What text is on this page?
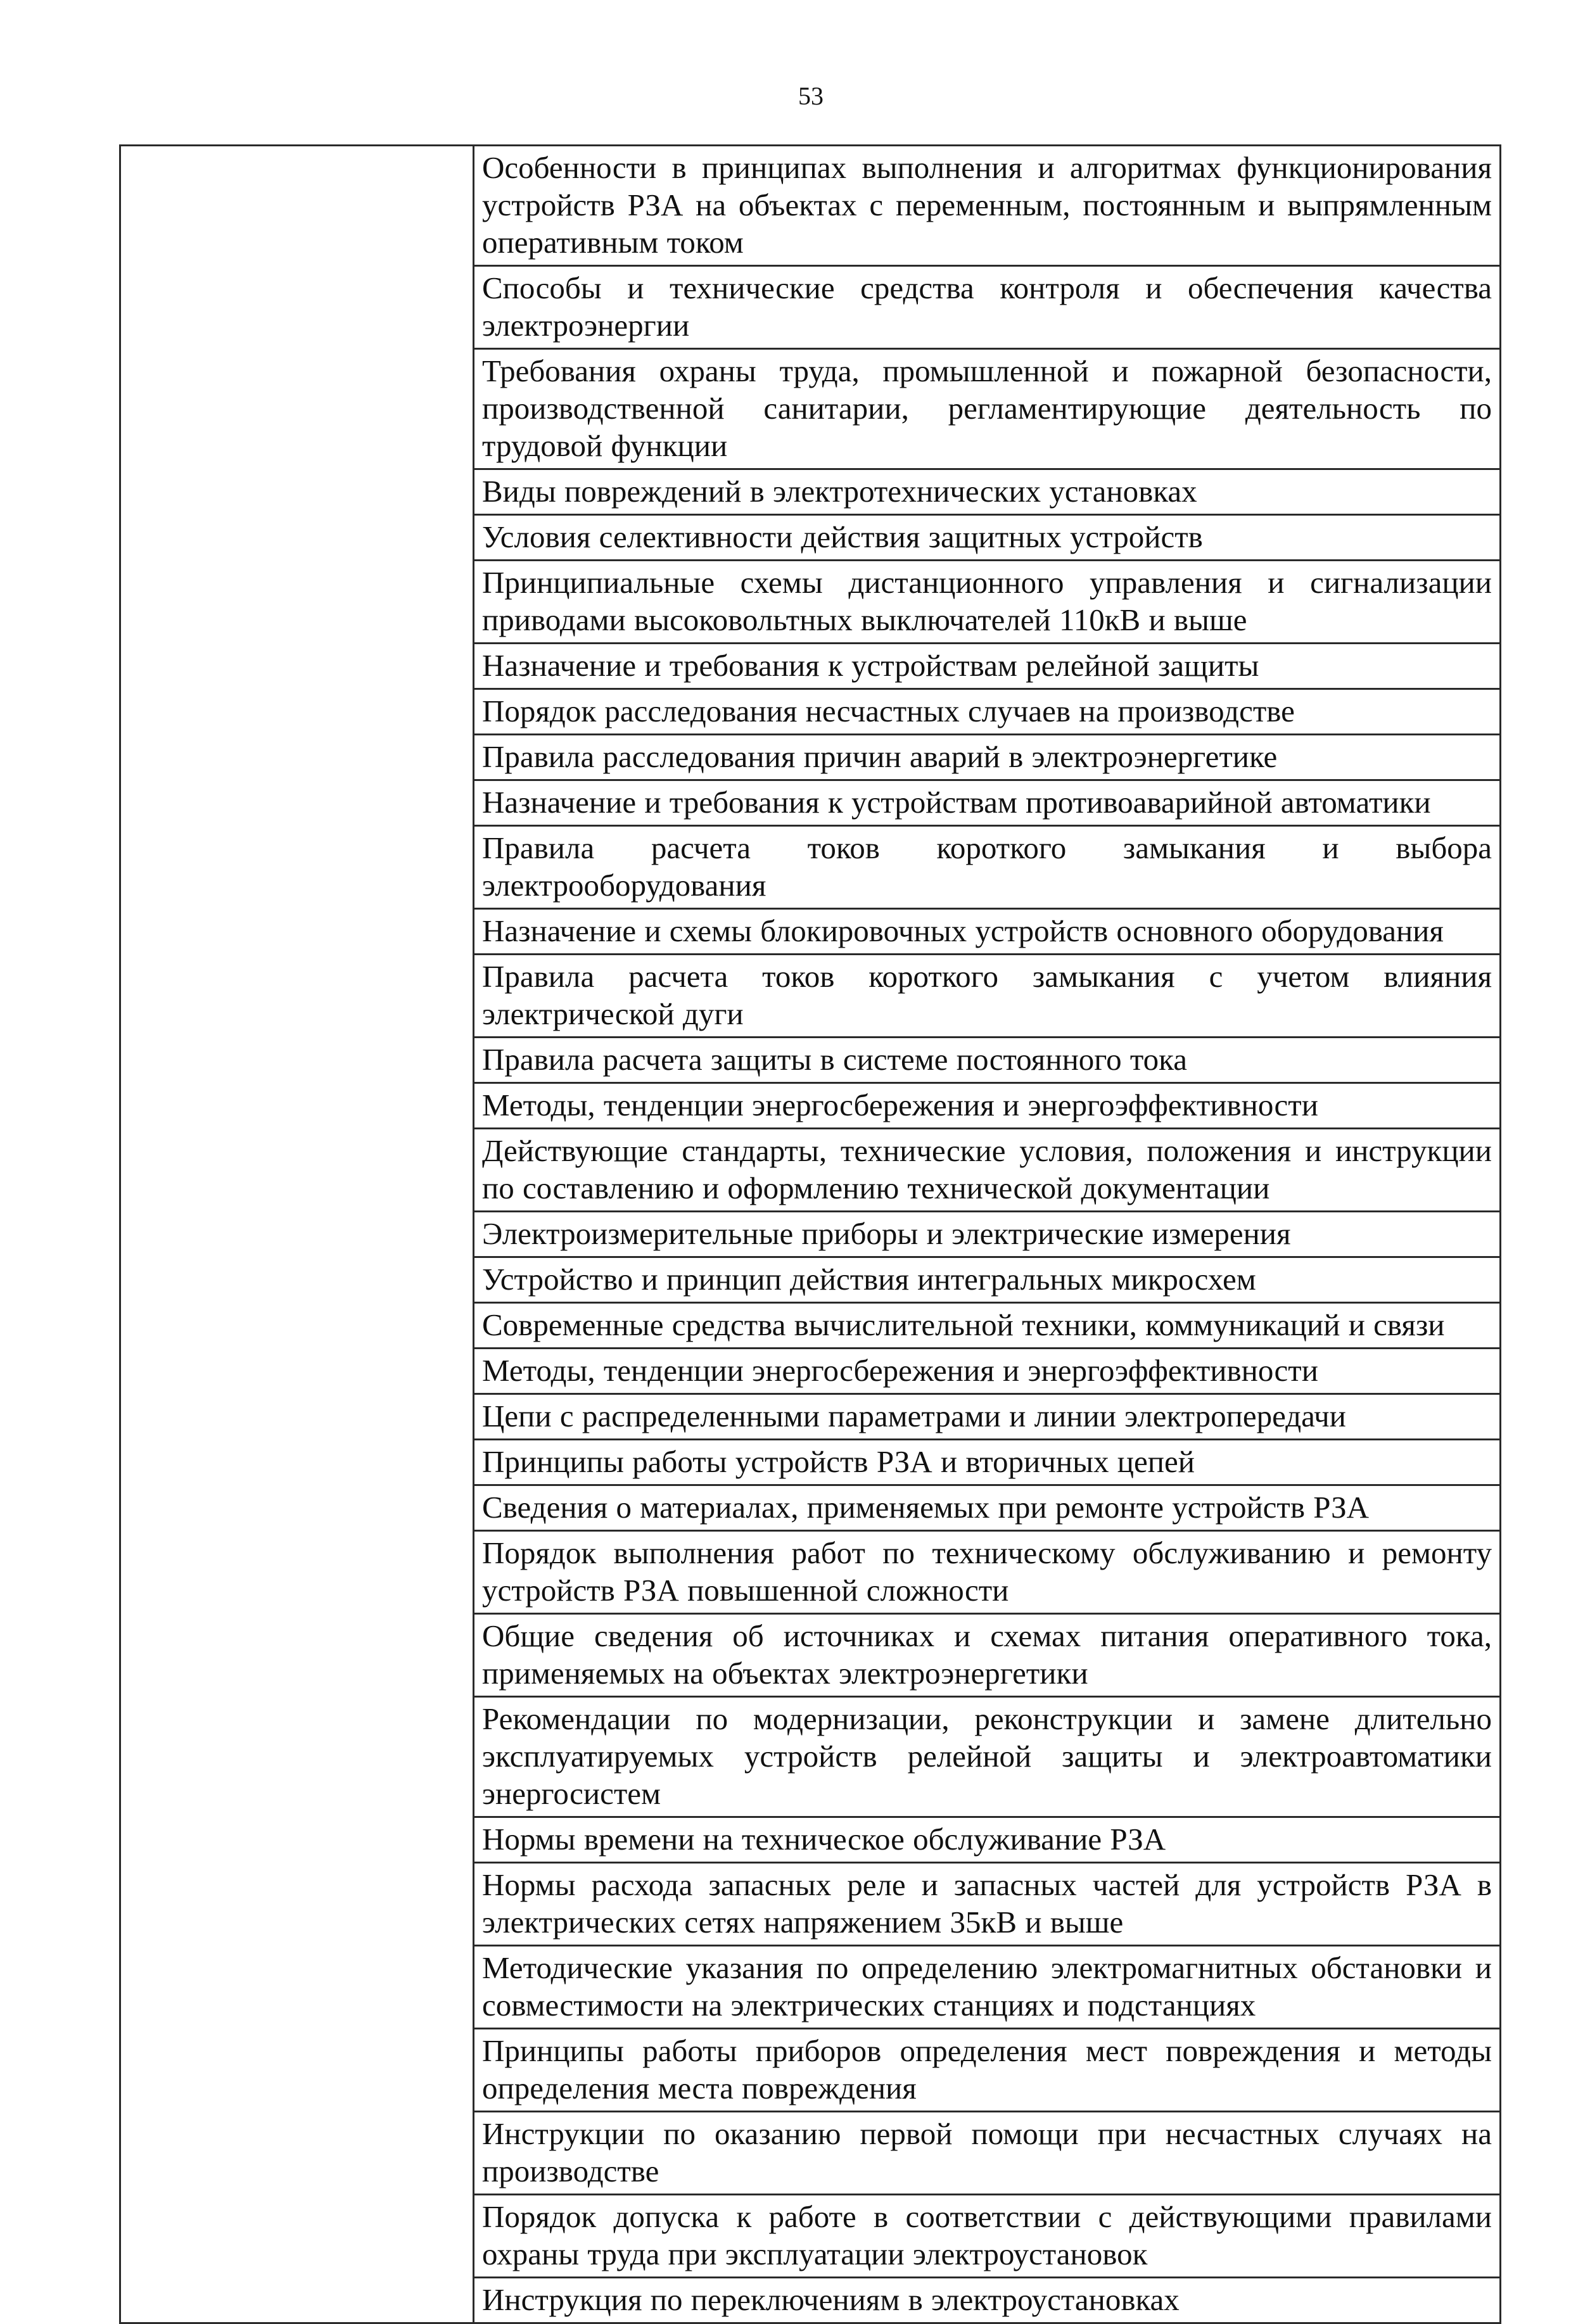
53
	Особенности в принципах выполнения и алгоритмах функционирования устройств РЗА на объектах с переменным, постоянным и выпрямленным оперативным током
Способы и технические средства контроля и обеспечения качества электроэнергии
Требования охраны труда, промышленной и пожарной безопасности, производственной санитарии, регламентирующие деятельность по трудовой функции
Виды повреждений в электротехнических установках
Условия селективности действия защитных устройств
Принципиальные схемы дистанционного управления и сигнализации приводами высоковольтных выключателей 110кВ и выше
Назначение и требования к устройствам релейной защиты
Порядок расследования несчастных случаев на производстве
Правила расследования причин аварий в электроэнергетике
Назначение и требования к устройствам противоаварийной автоматики
Правила расчета токов короткого замыкания и выбора электрооборудования
Назначение и схемы блокировочных устройств основного оборудования
Правила расчета токов короткого замыкания с учетом влияния электрической дуги
Правила расчета защиты в системе постоянного тока
Методы, тенденции энергосбережения и энергоэффективности
Действующие стандарты, технические условия, положения и инструкции по составлению и оформлению технической документации
Электроизмерительные приборы и электрические измерения
Устройство и принцип действия интегральных микросхем
Современные средства вычислительной техники, коммуникаций и связи
Методы, тенденции энергосбережения и энергоэффективности
Цепи с распределенными параметрами и линии электропередачи
Принципы работы устройств РЗА и вторичных цепей
Сведения о материалах, применяемых при ремонте устройств РЗА
Порядок выполнения работ по техническому обслуживанию и ремонту устройств РЗА повышенной сложности
Общие сведения об источниках и схемах питания оперативного тока, применяемых на объектах электроэнергетики
Рекомендации по модернизации, реконструкции и замене длительно эксплуатируемых устройств релейной защиты и электроавтоматики энергосистем
Нормы времени на техническое обслуживание РЗА
Нормы расхода запасных реле и запасных частей для устройств РЗА в электрических сетях напряжением 35кВ и выше
Методические указания по определению электромагнитных обстановки и совместимости на электрических станциях и подстанциях
Принципы работы приборов определения мест повреждения и методы определения места повреждения
Инструкции по оказанию первой помощи при несчастных случаях на производстве
Порядок допуска к работе в соответствии с действующими правилами охраны труда при эксплуатации электроустановок
Инструкция по переключениям в электроустановках
